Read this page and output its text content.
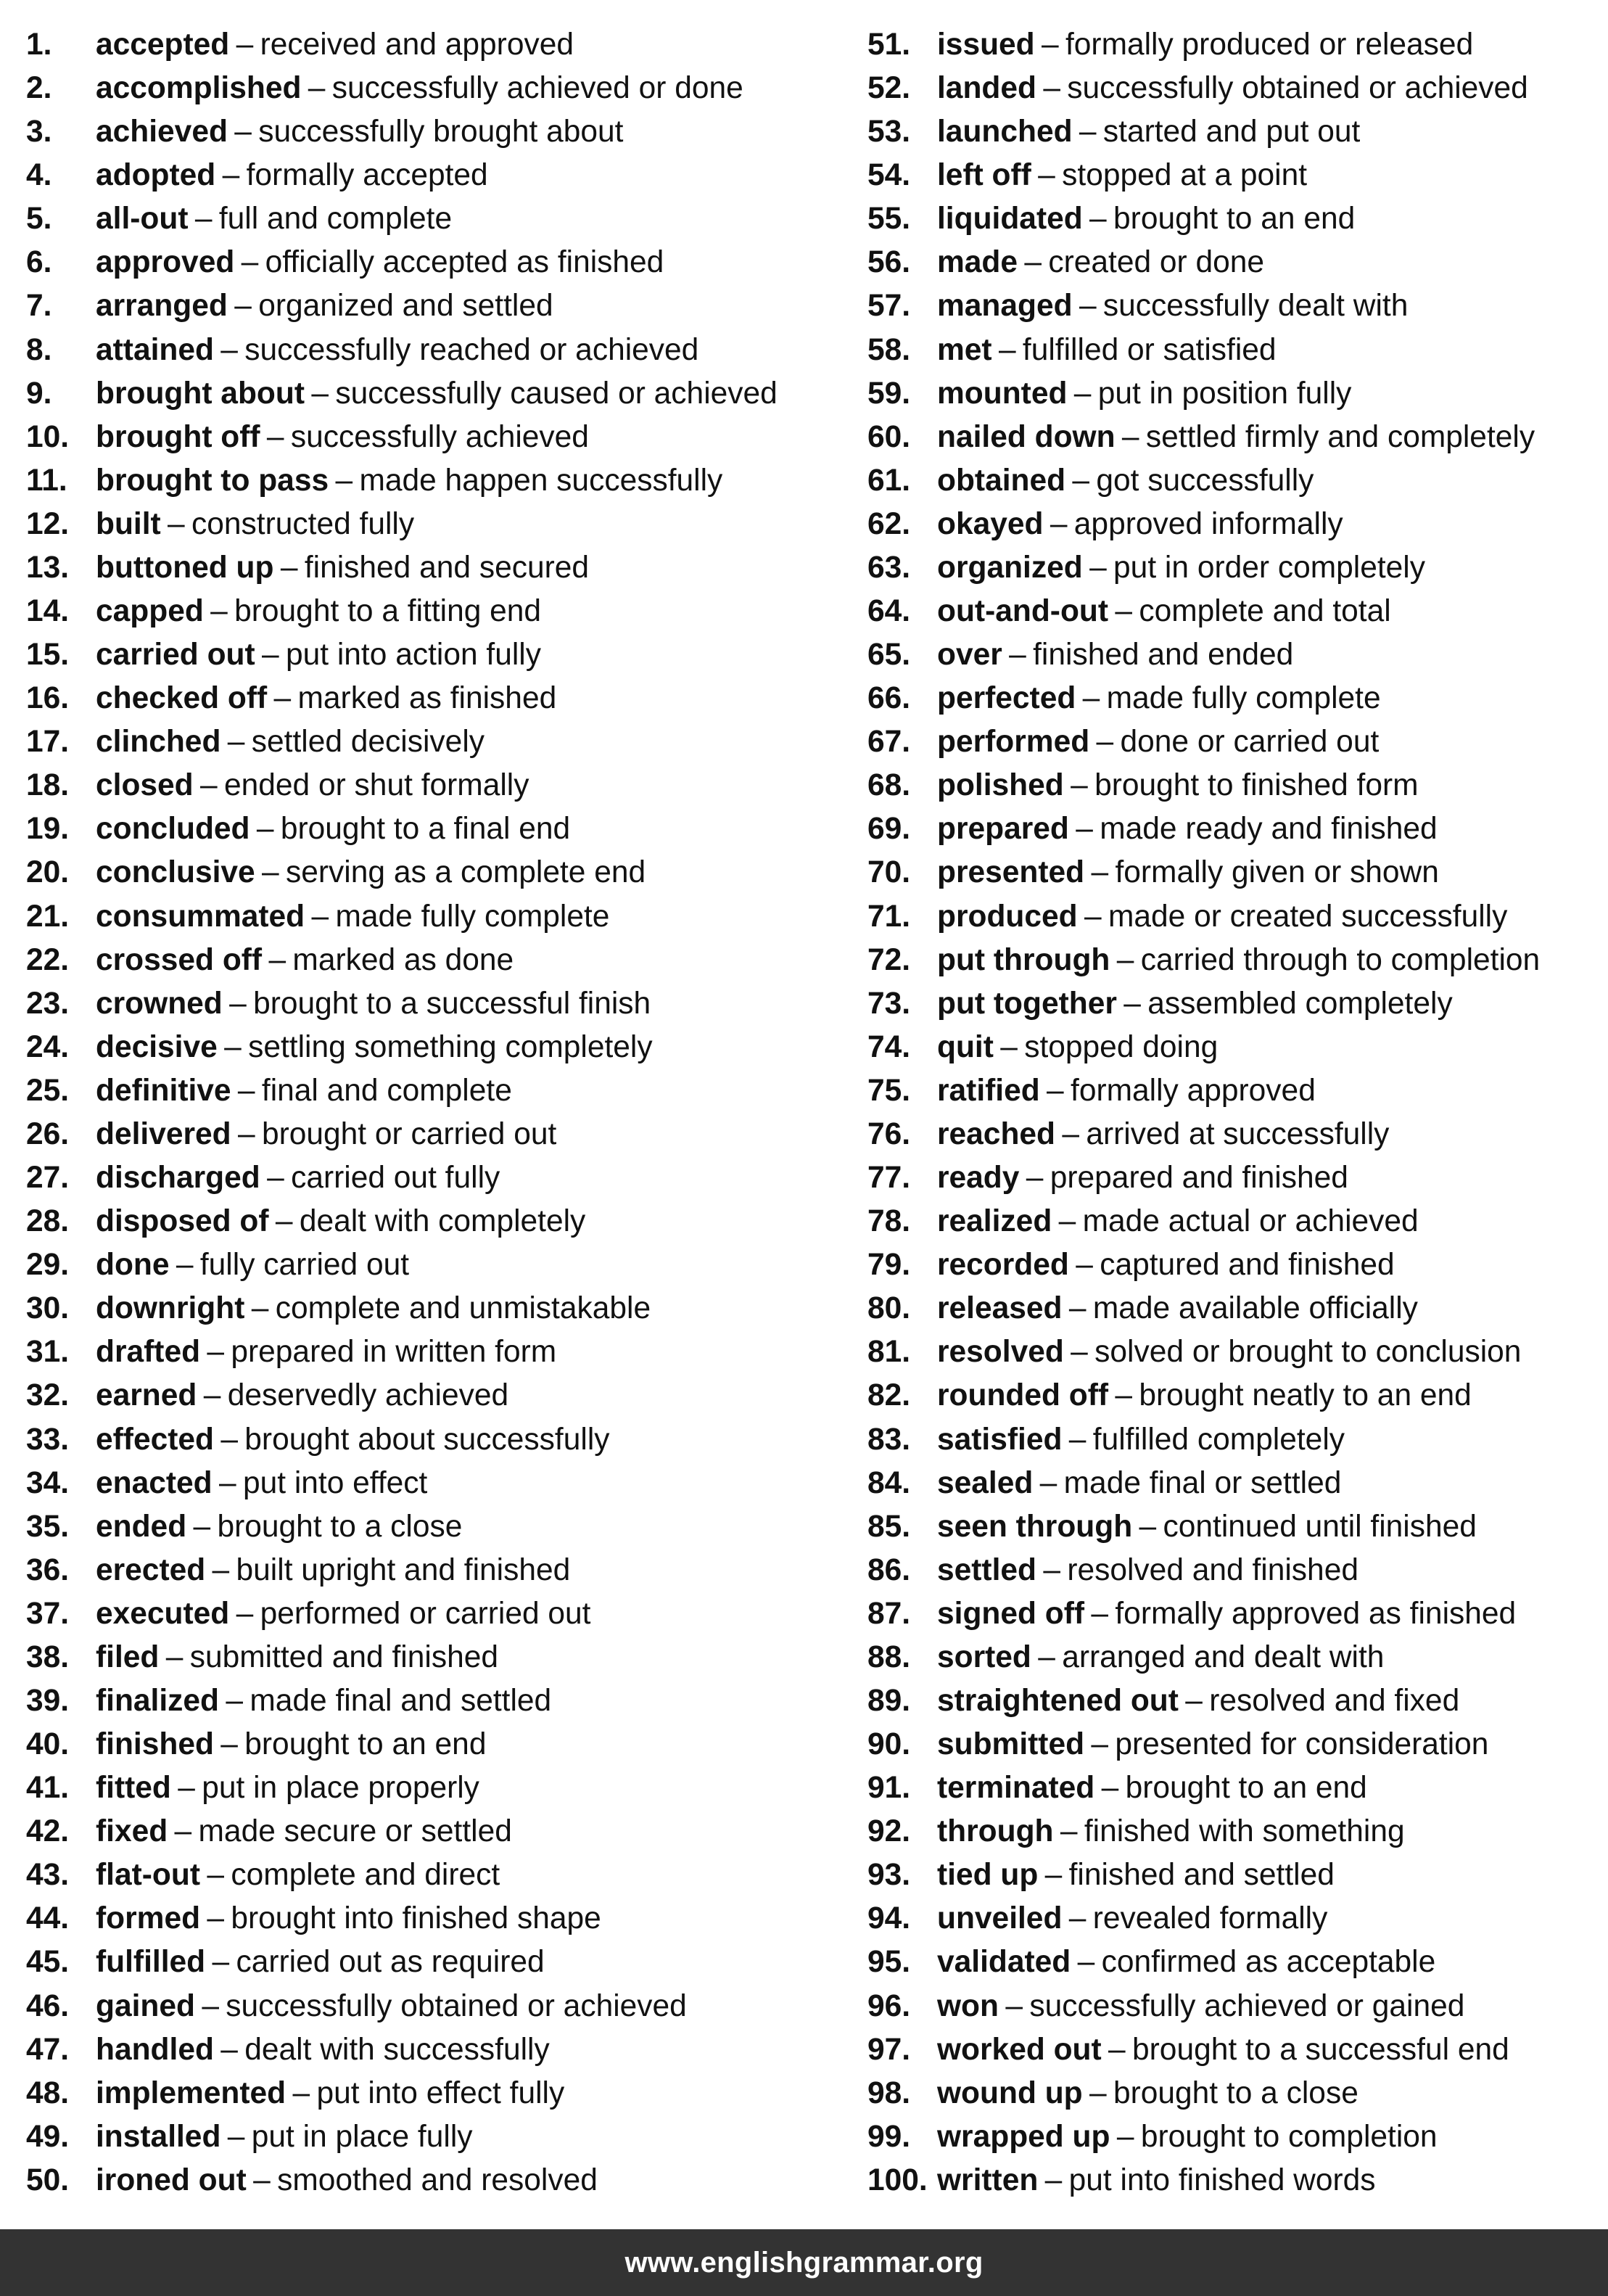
1.	accepted – received and approved
2.	accomplished – successfully achieved or done
3.	achieved – successfully brought about
4.	adopted – formally accepted
5.	all-out – full and complete
6.	approved – officially accepted as finished
7.	arranged – organized and settled
8.	attained – successfully reached or achieved
9.	brought about – successfully caused or achieved
10. brought off – successfully achieved
11. brought to pass – made happen successfully
12. built – constructed fully
13. buttoned up – finished and secured
14. capped – brought to a fitting end
15. carried out – put into action fully
16. checked off – marked as finished
17. clinched – settled decisively
18. closed – ended or shut formally
19. concluded – brought to a final end
20. conclusive – serving as a complete end
21. consummated – made fully complete
22. crossed off – marked as done
23. crowned – brought to a successful finish
24. decisive – settling something completely
25. definitive – final and complete
26. delivered – brought or carried out
27. discharged – carried out fully
28. disposed of – dealt with completely
29. done – fully carried out
30. downright – complete and unmistakable
31. drafted – prepared in written form
32. earned – deservedly achieved
33. effected – brought about successfully
34. enacted – put into effect
35. ended – brought to a close
36. erected – built upright and finished
37. executed – performed or carried out
38. filed – submitted and finished
39. finalized – made final and settled
40. finished – brought to an end
41. fitted – put in place properly
42. fixed – made secure or settled
43. flat-out – complete and direct
44. formed – brought into finished shape
45. fulfilled – carried out as required
46. gained – successfully obtained or achieved
47. handled – dealt with successfully
48. implemented – put into effect fully
49. installed – put in place fully
50. ironed out – smoothed and resolved
51. issued – formally produced or released
52. landed – successfully obtained or achieved
53. launched – started and put out
54. left off – stopped at a point
55. liquidated – brought to an end
56. made – created or done
57. managed – successfully dealt with
58. met – fulfilled or satisfied
59. mounted – put in position fully
60. nailed down – settled firmly and completely
61. obtained – got successfully
62. okayed – approved informally
63. organized – put in order completely
64. out-and-out – complete and total
65. over – finished and ended
66. perfected – made fully complete
67. performed – done or carried out
68. polished – brought to finished form
69. prepared – made ready and finished
70. presented – formally given or shown
71. produced – made or created successfully
72. put through – carried through to completion
73. put together – assembled completely
74. quit – stopped doing
75. ratified – formally approved
76. reached – arrived at successfully
77. ready – prepared and finished
78. realized – made actual or achieved
79. recorded – captured and finished
80. released – made available officially
81. resolved – solved or brought to conclusion
82. rounded off – brought neatly to an end
83. satisfied – fulfilled completely
84. sealed – made final or settled
85. seen through – continued until finished
86. settled – resolved and finished
87. signed off – formally approved as finished
88. sorted – arranged and dealt with
89. straightened out – resolved and fixed
90. submitted – presented for consideration
91. terminated – brought to an end
92. through – finished with something
93. tied up – finished and settled
94. unveiled – revealed formally
95. validated – confirmed as acceptable
96. won – successfully achieved or gained
97. worked out – brought to a successful end
98. wound up – brought to a close
99. wrapped up – brought to completion
100. written – put into finished words
www.englishgrammar.org
